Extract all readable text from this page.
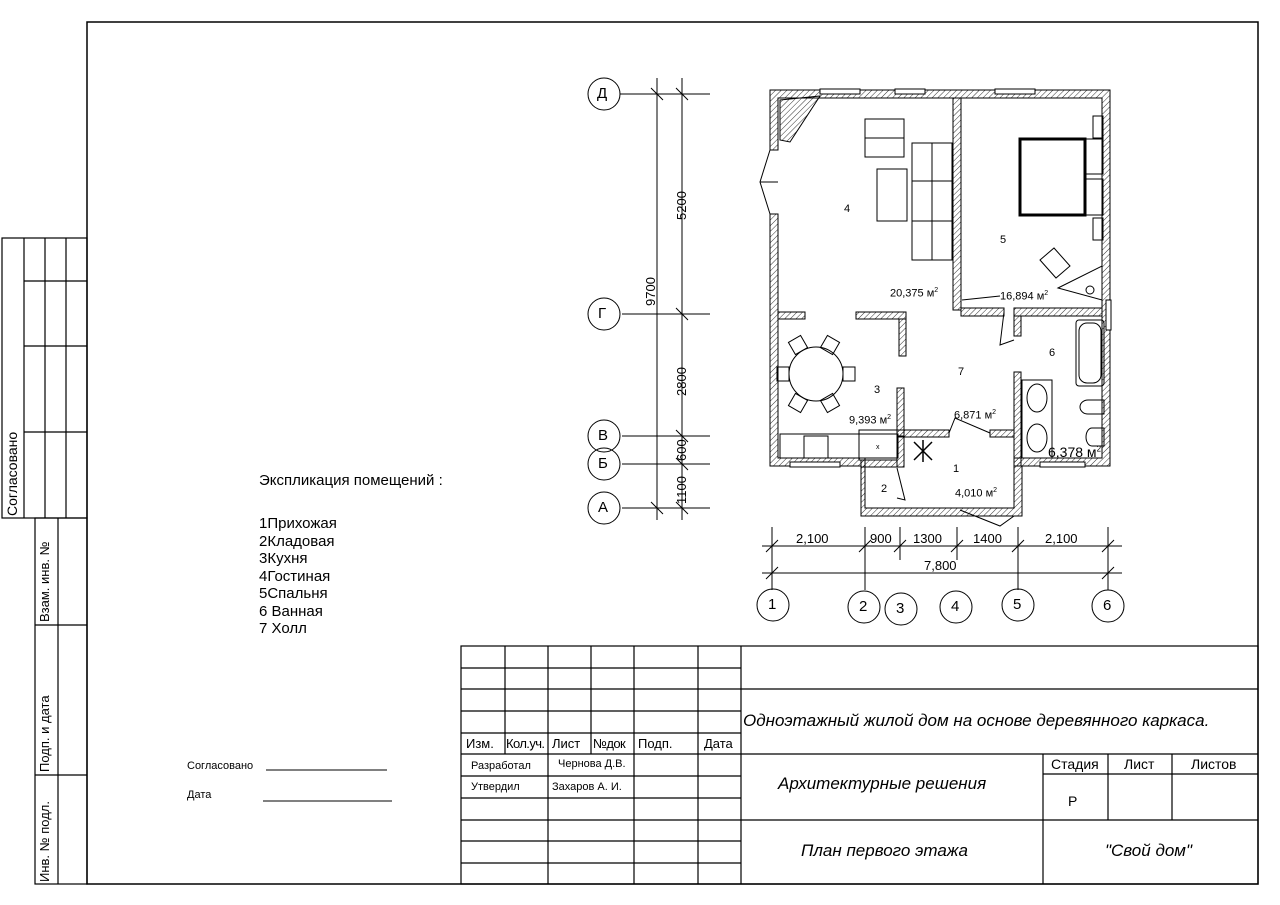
x
5200
9700
2800
600
1100
Согласовано
Взам. инв. №
Подп. и дата
Инв. № подл.
Экспликация помещений :
1Прихожая
2Кладовая
3Кухня
4Гостиная
5Спальня
6 Ванная
7 Холл
Согласовано
Дата
Д
Г
В
Б
А
1	2 3	4	5	6
2,100	900 1300 1400	2,100
7,800
1
2
3
4
5
6
7
20,375 $м^2$
16,894 $м^2$
9,393 $м^2$	6,871 $м^2$
6,378 $м^2$
4,010 $м^2$
Изм. Кол.уч. Лист №док Подп. Дата
Разработал Чернова Д.В.
Утвердил	Захаров А. И.
Одноэтажный жилой дом на основе деревянного каркаса.
Архитектурные решения
Стадия Лист	Листов
Р
План первого этажа	"Свой дом"
